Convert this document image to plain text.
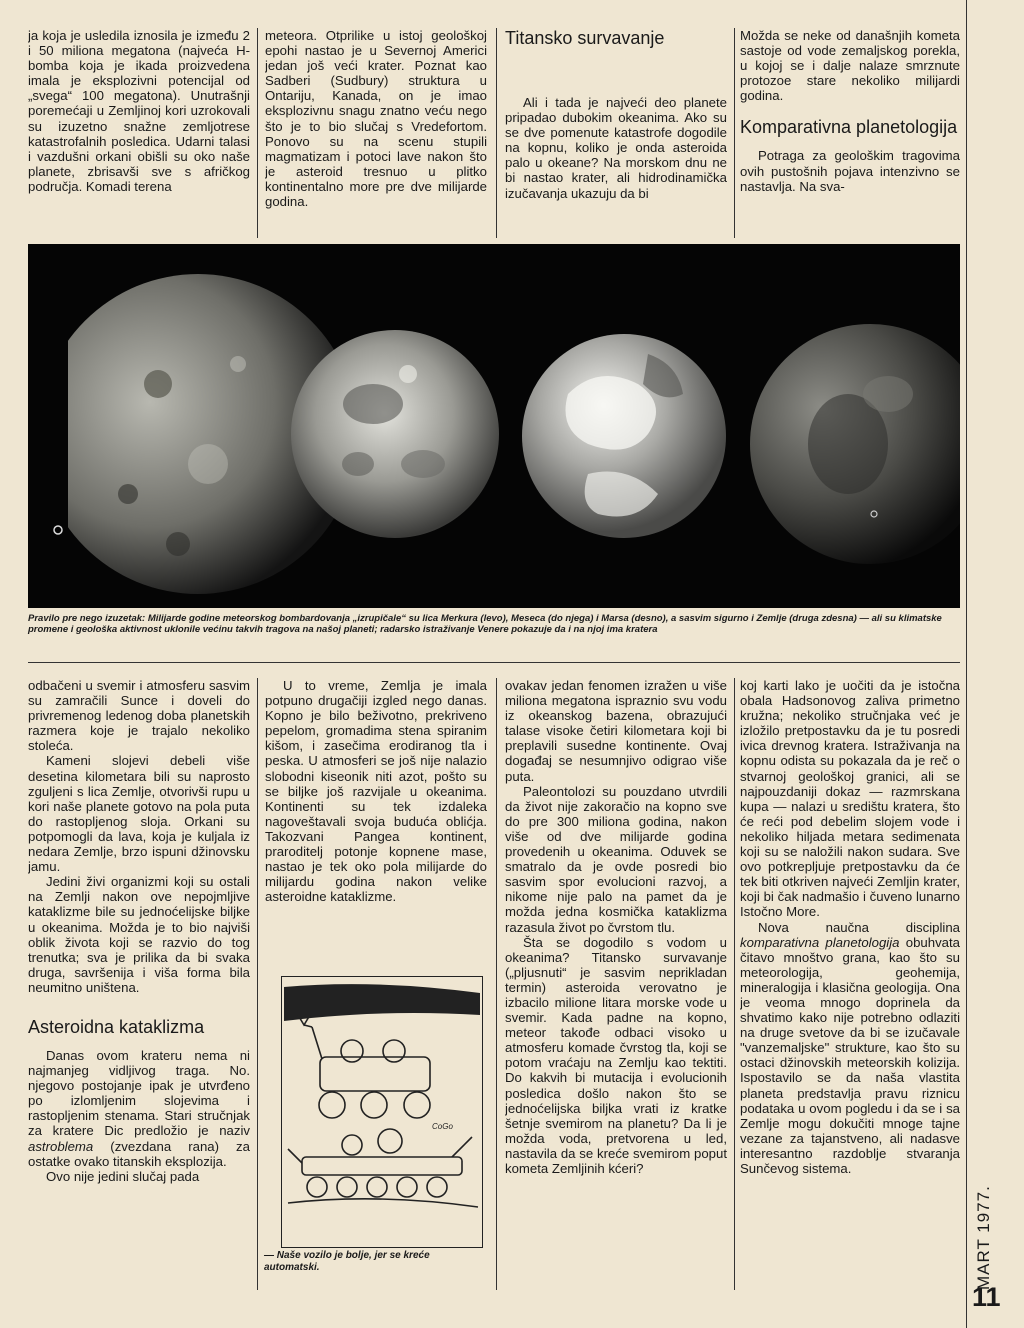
ja koja je usledila iznosila je između 2 i 50 miliona megatona (najveća H-bomba koja je ikada proizvedena imala je eksplozivni potencijal od „svega“ 100 megatona). Unutrašnji poremećaji u Zemljinoj kori uzrokovali su izuzetno snažne zemljotrese katastrofalnih posledica. Udarni talasi i vazdušni orkani obišli su oko naše planete, zbrisavši sve s afričkog područja. Komadi terena

meteora. Otprilike u istoj geološkoj epohi nastao je u Severnoj Americi jedan još veći krater. Poznat kao Sadberi (Sudbury) struktura u Ontariju, Kanada, on je imao eksplozivnu snagu znatno veću nego što je to bio slučaj s Vredefortom. Ponovo su na scenu stupili magmatizam i potoci lave nakon što je asteroid tresnuo u plitko kontinentalno more pre dve milijarde godina.

Titansko survavanje

Ali i tada je najveći deo planete pripadao dubokim okeanima. Ako su se dve pomenute katastrofe dogodile na kopnu, koliko je onda asteroida palo u okeane? Na morskom dnu ne bi nastao krater, ali hidrodinamička izučavanja ukazuju da bi

Možda se neke od današnjih kometa sastoje od vode zemaljskog porekla, u kojoj se i dalje nalaze smrznute protozoe stare nekoliko milijardi godina.

Komparativna planetologija

Potraga za geološkim tragovima ovih pustošnih pojava intenzivno se nastavlja. Na sva-

Pravilo pre nego izuzetak: Milijarde godine meteorskog bombardovanja „izrupičale“ su lica Merkura (levo), Meseca (do njega) i Marsa (desno), a sasvim sigurno i Zemlje (druga zdesna) — ali su klimatske promene i geološka aktivnost uklonile većinu takvih tragova na našoj planeti; radarsko istraživanje Venere pokazuje da i na njoj ima kratera

odbačeni u svemir i atmosferu sasvim su zamračili Sunce i doveli do privremenog ledenog doba planetskih razmera koje je trajalo nekoliko stoleća.

Kameni slojevi debeli više desetina kilometara bili su naprosto zguljeni s lica Zemlje, otvorivši rupu u kori naše planete gotovo na pola puta do rastopljenog sloja. Orkani su potpomogli da lava, koja je kuljala iz nedara Zemlje, brzo ispuni džinovsku jamu.

Jedini živi organizmi koji su ostali na Zemlji nakon ove nepojmljive kataklizme bile su jednoćelijske biljke u okeanima. Možda je to bio najviši oblik života koji se razvio do tog trenutka; sva je prilika da bi svaka druga, savršenija i viša forma bila neumitno uništena.

Asteroidna kataklizma

Danas ovom krateru nema ni najmanjeg vidljivog traga. No. njegovo postojanje ipak je utvrđeno po izlomljenim slojevima i rastopljenim stenama. Stari stručnjak za kratere Dic predložio je naziv astroblema (zvezdana rana) za ostatke ovako titanskih eksplozija.

Ovo nije jedini slučaj pada

U to vreme, Zemlja je imala potpuno drugačiji izgled nego danas. Kopno je bilo beživotno, prekriveno pepelom, gromadima stena spiranim kišom, i zasečima erodiranog tla i peska. U atmosferi se još nije nalazio slobodni kiseonik niti azot, pošto su se biljke još razvijale u okeanima. Kontinenti su tek izdaleka nagoveštavali svoja buduća oblićja. Takozvani Pangea kontinent, praroditelj potonje kopnene mase, nastao je tek oko pola milijarde do milijardu godina nakon velike asteroidne kataklizme.

CoGo
— Naše vozilo je bolje, jer se kreće automatski.

ovakav jedan fenomen izražen u više miliona megatona ispraznio svu vodu iz okeanskog bazena, obrazujući talase visoke četiri kilometara koji bi preplavili susedne kontinente. Ovaj događaj se nesumnjivo odigrao više puta.

Paleontolozi su pouzdano utvrdili da život nije zakoračio na kopno sve do pre 300 miliona godina, nakon više od dve milijarde godina provedenih u okeanima. Oduvek se smatralo da je ovde posredi bio sasvim spor evolucioni razvoj, a nikome nije palo na pamet da je možda jedna kosmička kataklizma razasula život po čvrstom tlu.

Šta se dogodilo s vodom u okeanima? Titansko survavanje („pljusnuti“ je sasvim neprikladan termin) asteroida verovatno je izbacilo milione litara morske vode u svemir. Kada padne na kopno, meteor takođe odbaci visoko u atmosferu komade čvrstog tla, koji se potom vraćaju na Zemlju kao tektiti. Do kakvih bi mutacija i evolucionih posledica došlo nakon što se jednoćelijska biljka vrati iz kratke šetnje svemirom na planetu? Da li je možda voda, pretvorena u led, nastavila da se kreće svemirom poput kometa Zemljinih kćeri?

koj karti lako je uočiti da je istočna obala Hadsonovog zaliva primetno kružna; nekoliko stručnjaka već je izložilo pretpostavku da je tu posredi ivica drevnog kratera. Istraživanja na kopnu odista su pokazala da je reč o stvarnoj geološkoj granici, ali se najpouzdaniji dokaz — razmrskana kupa — nalazi u središtu kratera, što će reći pod debelim slojem vode i nekoliko hiljada metara sedimenata koji su se naložili nakon sudara. Sve ovo potkrepljuje pretpostavku da će tek biti otkriven najveći Zemljin krater, koji bi čak nadmašio i čuveno lunarno Istočno More.

Nova naučna disciplina komparativna planetologija obuhvata čitavo mnoštvo grana, kao što su meteorologija, geohemija, mineralogija i klasična geologija. Ona je veoma mnogo doprinela da shvatimo kako nije potrebno odlaziti na druge svetove da bi se izučavale "vanzemaljske" strukture, kao što su ostaci džinovskih meteorskih kolizija. Ispostavilo se da naša vlastita planeta predstavlja pravu riznicu podataka u ovom pogledu i da se i sa Zemlje mogu dokučiti mnoge tajne vezane za tajanstveno, ali nadasve interesantno razdoblje stvaranja Sunčevog sistema.

MART 1977.
11
